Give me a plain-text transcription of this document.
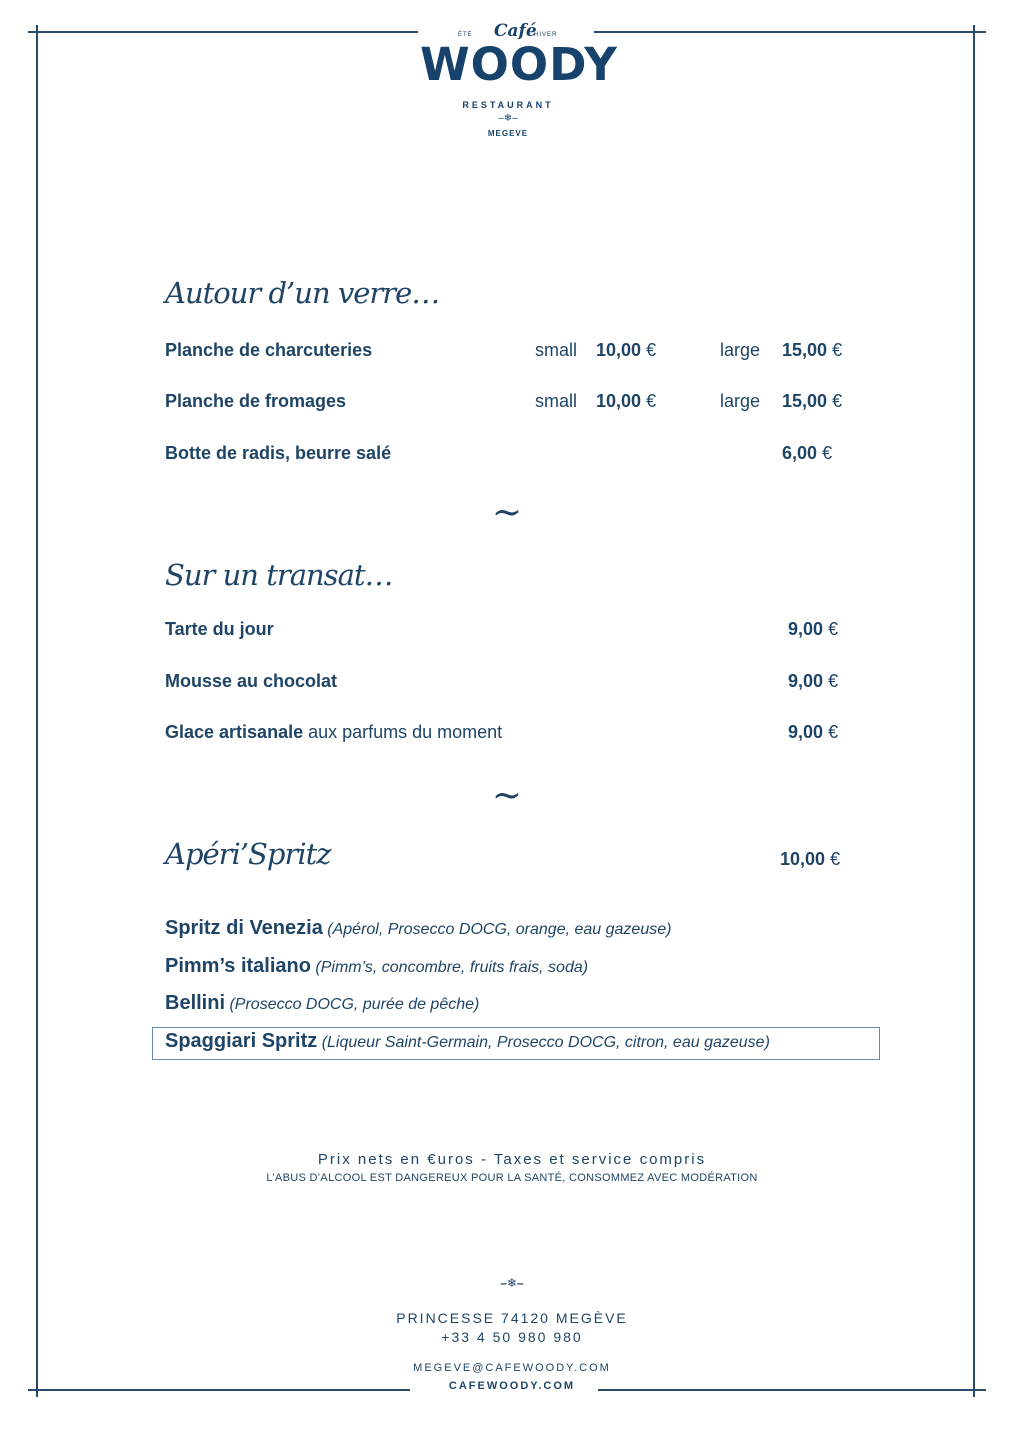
ÉTÉ Café
HIVER
WOODY
RESTAURANT
–❄–
MEGEVE
Autour d’un verre…
Planche de charcuteries	small 10,00 €	large 15,00 €
Planche de fromages	small 10,00 €	large 15,00 €
Botte de radis, beurre salé	6,00 €
~
Sur un transat…
Tarte du jour	9,00 €
Mousse au chocolat	9,00 €
Glace artisanale aux parfums du moment	9,00 €
~
Apéri’Spritz	10,00 €
Spritz di Venezia (Apérol, Prosecco DOCG, orange, eau gazeuse)
Pimm’s italiano (Pimm’s, concombre, fruits frais, soda)
Bellini (Prosecco DOCG, purée de pêche)
Spaggiari Spritz (Liqueur Saint-Germain, Prosecco DOCG, citron, eau gazeuse)
Prix nets en €uros - Taxes et service compris
L’ABUS D’ALCOOL EST DANGEREUX POUR LA SANTÉ, CONSOMMEZ AVEC MODÉRATION
–❄–
PRINCESSE 74120 MEGÈVE
+33 4 50 980 980
MEGEVE@CAFEWOODY.COM
CAFEWOODY.COM
